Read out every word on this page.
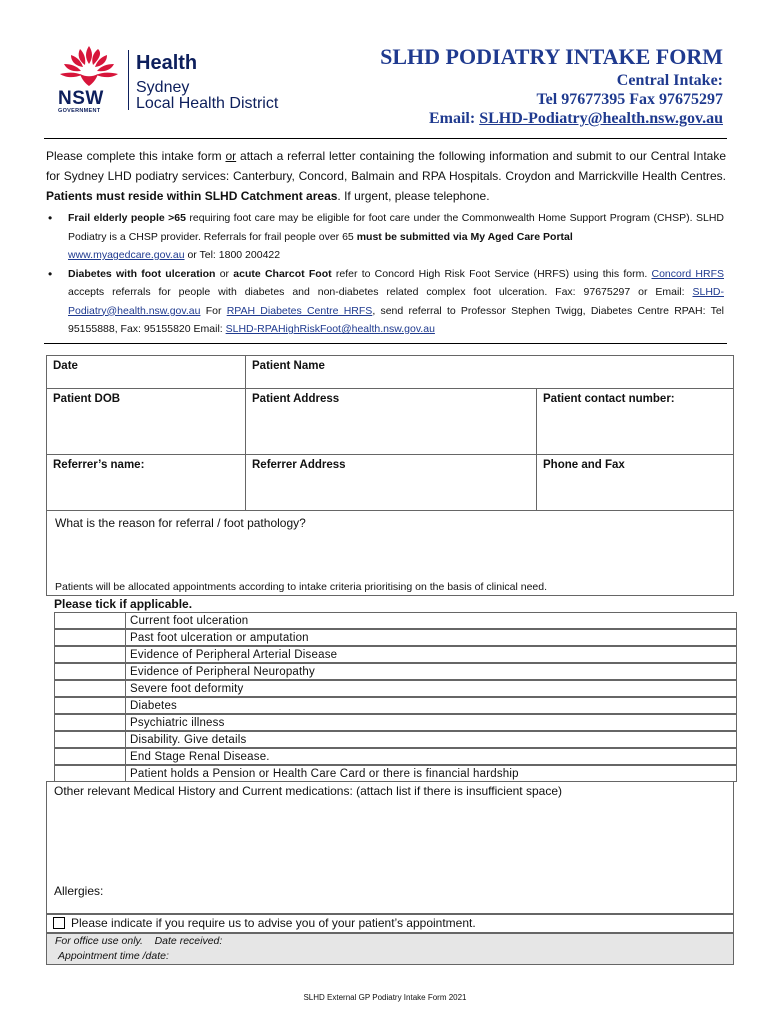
NSW
GOVERNMENT
Health
Sydney
Local Health District
SLHD PODIATRY INTAKE FORM
Central Intake:
Tel 97677395 Fax 97675297
Email: SLHD-Podiatry@health.nsw.gov.au

Please complete this intake form or attach a referral letter containing the following information and submit to our Central Intake for Sydney LHD podiatry services: Canterbury, Concord, Balmain and RPA Hospitals. Croydon and Marrickville Health Centres. Patients must reside within SLHD Catchment areas. If urgent, please telephone.

• Frail elderly people >65 requiring foot care may be eligible for foot care under the Commonwealth Home Support Program (CHSP). SLHD Podiatry is a CHSP provider. Referrals for frail people over 65 must be submitted via My Aged Care Portal
www.myagedcare.gov.au or Tel: 1800 200422
• Diabetes with foot ulceration or acute Charcot Foot refer to Concord High Risk Foot Service (HRFS) using this form. Concord HRFS accepts referrals for people with diabetes and non-diabetes related complex foot ulceration. Fax: 97675297 or Email: SLHD-Podiatry@health.nsw.gov.au For RPAH Diabetes Centre HRFS, send referral to Professor Stephen Twigg, Diabetes Centre RPAH: Tel 95155888, Fax: 95155820 Email: SLHD-RPAHighRiskFoot@health.nsw.gov.au
Date	Patient Name
Patient DOB	Patient Address	Patient contact number:
Referrer’s name:	Referrer Address	Phone and Fax
What is the reason for referral / foot pathology?
Patients will be allocated appointments according to intake criteria prioritising on the basis of clinical need.
Please tick if applicable.
Current foot ulceration
Past foot ulceration or amputation
Evidence of Peripheral Arterial Disease
Evidence of Peripheral Neuropathy
Severe foot deformity
Diabetes
Psychiatric illness
Disability. Give details
End Stage Renal Disease.
Patient holds a Pension or Health Care Card or there is financial hardship
Other relevant Medical History and Current medications: (attach list if there is insufficient space)
Allergies:
Please indicate if you require us to advise you of your patient’s appointment.
For office use only.    Date received:
Appointment time /date:
SLHD External GP Podiatry Intake Form 2021
